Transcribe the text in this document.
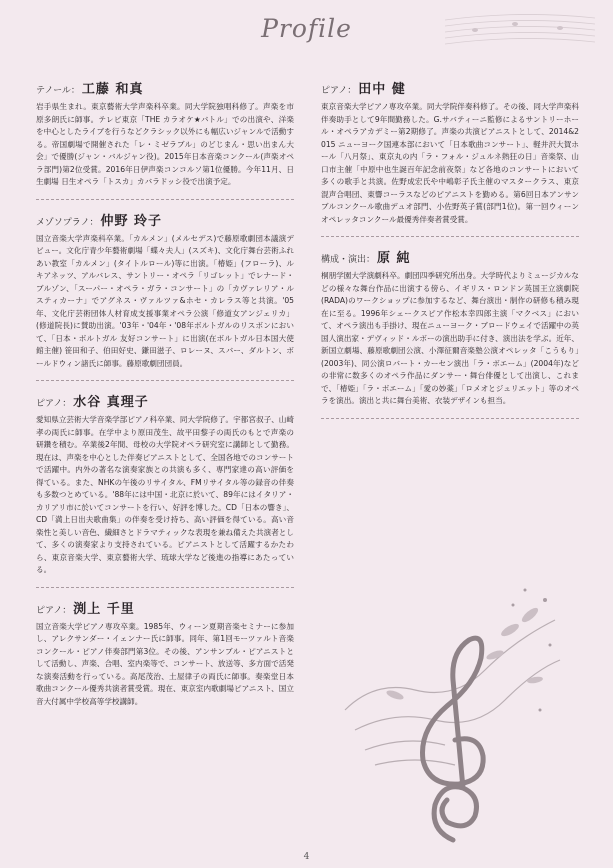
Profile
テノール： 工藤 和真
岩手県生まれ。東京藝術大学声楽科卒業。同大学院独唱科修了。声楽を市原多朗氏に師事。テレビ東京「THE カラオケ★バトル」での出演や、洋楽を中心としたライブを行うなどクラシック以外にも幅広いジャンルで活動する。帝国劇場で開催された「レ・ミゼラブル」のどじまん・思い出まん大会」で優勝(ジャン・バルジャン役)。2015年日本音楽コンクール(声楽オペラ部門)第2位受賞。2016年日伊声楽コンコルソ第1位優勝。今年11月、日生劇場 日生オペラ「トスカ」カバラドッシ役で出演予定。
メゾソプラノ： 仲野 玲子
国立音楽大学声楽科卒業。「カルメン」(メルセデス)で藤原歌劇団本議演デビュー。文化庁青少年藝術劇場「蝶々夫人」(スズキ)、文化庁舞台芸術ふれあい教室「カルメン」(タイトルロール)等に出演。「椿姫」(フローラ)、ルキアネッツ、アルバレス、サントリー・オペラ「リゴレット」でレナード・ブルゾン、「スーパー・オペラ・ガラ・コンサート」の「カヴァレリア・ルスティカーナ」でアグネス・ヴァルツァ&ホセ・カレラス等と共演。'05年、文化庁芸術団体人材育成支援事業オペラ公演「修道女アンジェリカ」(修道院長)に賛助出演。'03年・'04年・'08年ボルトガルのリスボンにおいて、「日本・ボルトガル 友好コンサート」に出演(在ボルトガル日本国大使館主催) 笹田和子、伯田好史、鎌田滋子、ロレーヌ、スバー、ダルトン、ボールドウィン諸氏に師事。藤原歌劇団団員。
ピアノ： 水谷 真理子
愛知県立芸術大学音楽学部ピアノ科卒業、同大学院修了。宇都宮叔子、山崎孝の両氏に師事。在学中より原田茂生、故平田黎子の両氏のもとで声楽の研鑽を積む。卒業後2年間、母校の大学院オペラ研究室に講師として勤務。現在は、声楽を中心とした伴奏ピアニストとして、全国各地でのコンサートで活躍中。内外の著名な演奏家族との共演も多く、専門家達の高い評価を得ている。また、NHKの午後のリサイタル、FMリサイタル等の録音の伴奏も多数つとめている。'88年には中国・北京に於いて、89年にはイタリア・カリアリ市に於いてコンサートを行い、好評を博した。CD「日本の響き」、CD「満上日出夫歌曲集」の伴奏を受け持ち、高い評価を得ている。高い音楽性と美しい音色、繊細さとドラマティックな表現を兼ね備えた共演者として、多くの演奏家より支持されている。ピアニストとして活躍するかたわら、東京音楽大学、東京藝術大学、琉球大学など後進の指導にあたっている。
ピアノ： 渕上 千里
国立音楽大学ピアノ専攻卒業。1985年、ウィーン夏期音楽セミナーに参加し、アレクサンダー・イェンナー氏に師事。同年、第1回モーツァルト音楽コンクール・ピアノ伴奏部門第3位。その後、アンサンブル・ピアニストとして活動し、声楽、合唱、室内楽等で、コンサート、放送等、多方面で活発な演奏活動を行っている。高尾茂治、土屋律子の両氏に師事。奏楽堂日本歌曲コンクール優秀共演者賞受賞。現在、東京室内歌劇場ピアニスト、国立音大付属中学校高等学校講師。
ピアノ： 田中 健
東京音楽大学ピアノ専攻卒業。同大学院伴奏科修了。その後、同大学声楽科伴奏助手として9年間勤務した。G.サバティーニ監修によるサントリーホール・オペラアカデミー第2期修了。声楽の共演ピアニストとして、2014&2015 ニューヨーク国連本部において「日本歌曲コンサート」、軽井沢大賀ホール「八月祭」、東京丸の内「ラ・フォル・ジュルネ熱狂の日」音楽祭、山口市主催「中原中也生誕百年記念前夜祭」など各地のコンサートにおいて多くの歌手と共演。佐野成宏氏や中嶋彰子氏主催のマスタークラス、東京混声合唱団、東響コーラスなどのピアニストを勤める。第6回日本アンサンブルコンクール歌曲デュオ部門、小佐野英子賞(部門1位)。第一回ウィーンオペレッタコンクール最優秀伴奏者賞受賞。
構成・演出： 原 純
桐朋学園大学演劇科卒。劇団四季研究所出身。大学時代よりミュージカルなどの様々な舞台作品に出演する傍ら、イギリス・ロンドン英国王立演劇院(RADA)のワークショップに参加するなど、舞台演出・制作の研修も積み現在に至る。1996年シェークスピア作松本幸四郎主演「マクベス」において、オペラ演出も手掛け、現在ニューヨーク・ブロードウェイで活躍中の英国人演出家・デヴィッド・ルボーの演出助手に付き、演出法を学ぶ。近年、新国立劇場、藤原歌劇団公演、小澤征爾音楽塾公演オペレッタ「こうもり」(2003年)、同公演ロバート・カーセン演出「ラ・ボエーム」(2004年)などの非常に数多くのオペラ作品にダンサー・舞台俳優として出演し、これまで、「椿姫」「ラ・ボエーム」「愛の妙薬」「ロメオとジュリエット」等のオペラを演出。演出と共に舞台美術、衣装デザインも担当。
4
